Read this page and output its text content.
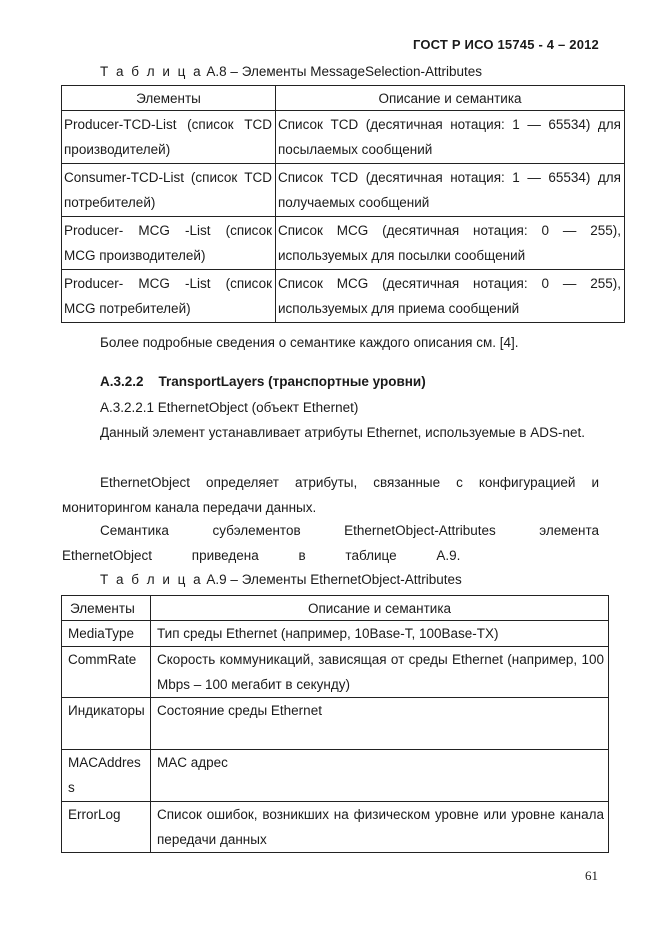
ГОСТ Р ИСО 15745 - 4 – 2012
Т а б л и ц а А.8 – Элементы MessageSelection-Attributes
Элементы	Описание и семантика
Producer-TCD-List (список TCD производителей)	Список TCD (десятичная нотация: 1 — 65534) для посылаемых сообщений
Consumer-TCD-List (список TCD потребителей)	Список TCD (десятичная нотация: 1 — 65534) для получаемых сообщений
Producer- MCG -List (список MCG производителей)	Список MCG (десятичная нотация: 0 — 255), используемых для посылки сообщений
Producer- MCG -List (список MCG потребителей)	Список MCG (десятичная нотация: 0 — 255), используемых для приема сообщений
Более подробные сведения о семантике каждого описания см. [4].
А.3.2.2 TransportLayers (транспортные уровни)
А.3.2.2.1 EthernetObject (объект Ethernet)
Данный элемент устанавливает атрибуты Ethernet, используемые в ADS-net.
EthernetObject определяет атрибуты, связанные с конфигурацией и мониторингом канала передачи данных.
Семантика субэлементов EthernetObject-Attributes элемента EthernetObject приведена в таблице А.9.
Т а б л и ц а А.9 – Элементы EthernetObject-Attributes
Элементы	Описание и семантика
MediaType	Тип среды Ethernet (например, 10Base-T, 100Base-TX)
CommRate	Скорость коммуникаций, зависящая от среды Ethernet (например, 100 Mbps – 100 мегабит в секунду)
Индикаторы	Состояние среды Ethernet
MACAddress	MAC адрес
ErrorLog	Список ошибок, возникших на физическом уровне или уровне канала передачи данных
61
